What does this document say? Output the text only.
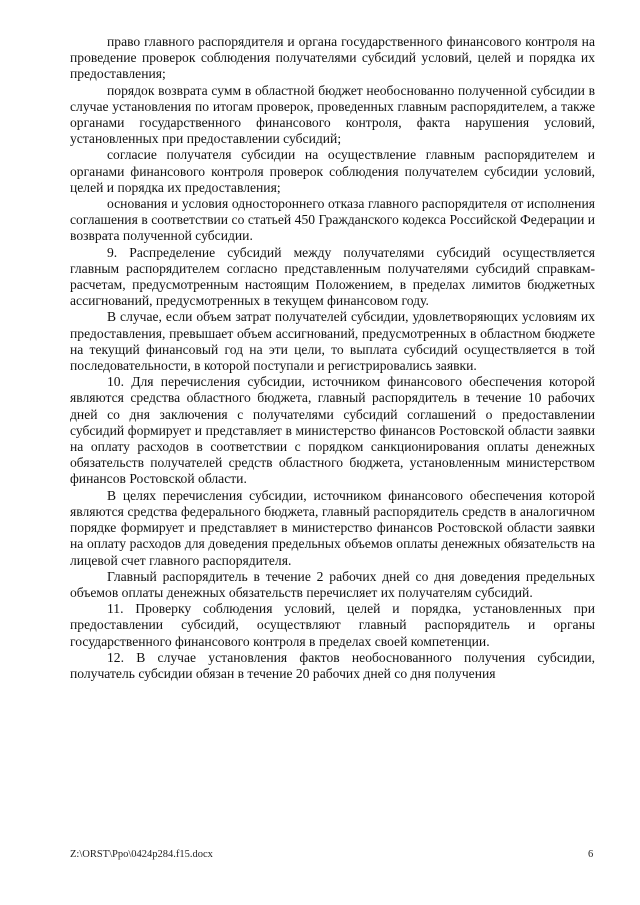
право главного распорядителя и органа государственного финансового контроля на проведение проверок соблюдения получателями субсидий условий, целей и порядка их предоставления;

порядок возврата сумм в областной бюджет необоснованно полученной субсидии в случае установления по итогам проверок, проведенных главным распорядителем, а также органами государственного финансового контроля, факта нарушения условий, установленных при предоставлении субсидий;

согласие получателя субсидии на осуществление главным распорядителем и органами финансового контроля проверок соблюдения получателем субсидии условий, целей и порядка их предоставления;

основания и условия одностороннего отказа главного распорядителя от исполнения соглашения в соответствии со статьей 450 Гражданского кодекса Российской Федерации и возврата полученной субсидии.

9. Распределение субсидий между получателями субсидий осуществляется главным распорядителем согласно представленным получателями субсидий справкам-расчетам, предусмотренным настоящим Положением, в пределах лимитов бюджетных ассигнований, предусмотренных в текущем финансовом году.

В случае, если объем затрат получателей субсидии, удовлетворяющих условиям их предоставления, превышает объем ассигнований, предусмотренных в областном бюджете на текущий финансовый год на эти цели, то выплата субсидий осуществляется в той последовательности, в которой поступали и регистрировались заявки.

10. Для перечисления субсидии, источником финансового обеспечения которой являются средства областного бюджета, главный распорядитель в течение 10 рабочих дней со дня заключения с получателями субсидий соглашений о предоставлении субсидий формирует и представляет в министерство финансов Ростовской области заявки на оплату расходов в соответствии с порядком санкционирования оплаты денежных обязательств получателей средств областного бюджета, установленным министерством финансов Ростовской области.

В целях перечисления субсидии, источником финансового обеспечения которой являются средства федерального бюджета, главный распорядитель средств в аналогичном порядке формирует и представляет в министерство финансов Ростовской области заявки на оплату расходов для доведения предельных объемов оплаты денежных обязательств на лицевой счет главного распорядителя.

Главный распорядитель в течение 2 рабочих дней со дня доведения предельных объемов оплаты денежных обязательств перечисляет их получателям субсидий.

11. Проверку соблюдения условий, целей и порядка, установленных при предоставлении субсидий, осуществляют главный распорядитель и органы государственного финансового контроля в пределах своей компетенции.

12. В случае установления фактов необоснованного получения субсидии, получатель субсидии обязан в течение 20 рабочих дней со дня получения

Z:\ORST\Ppo\0424p284.f15.docx	6
